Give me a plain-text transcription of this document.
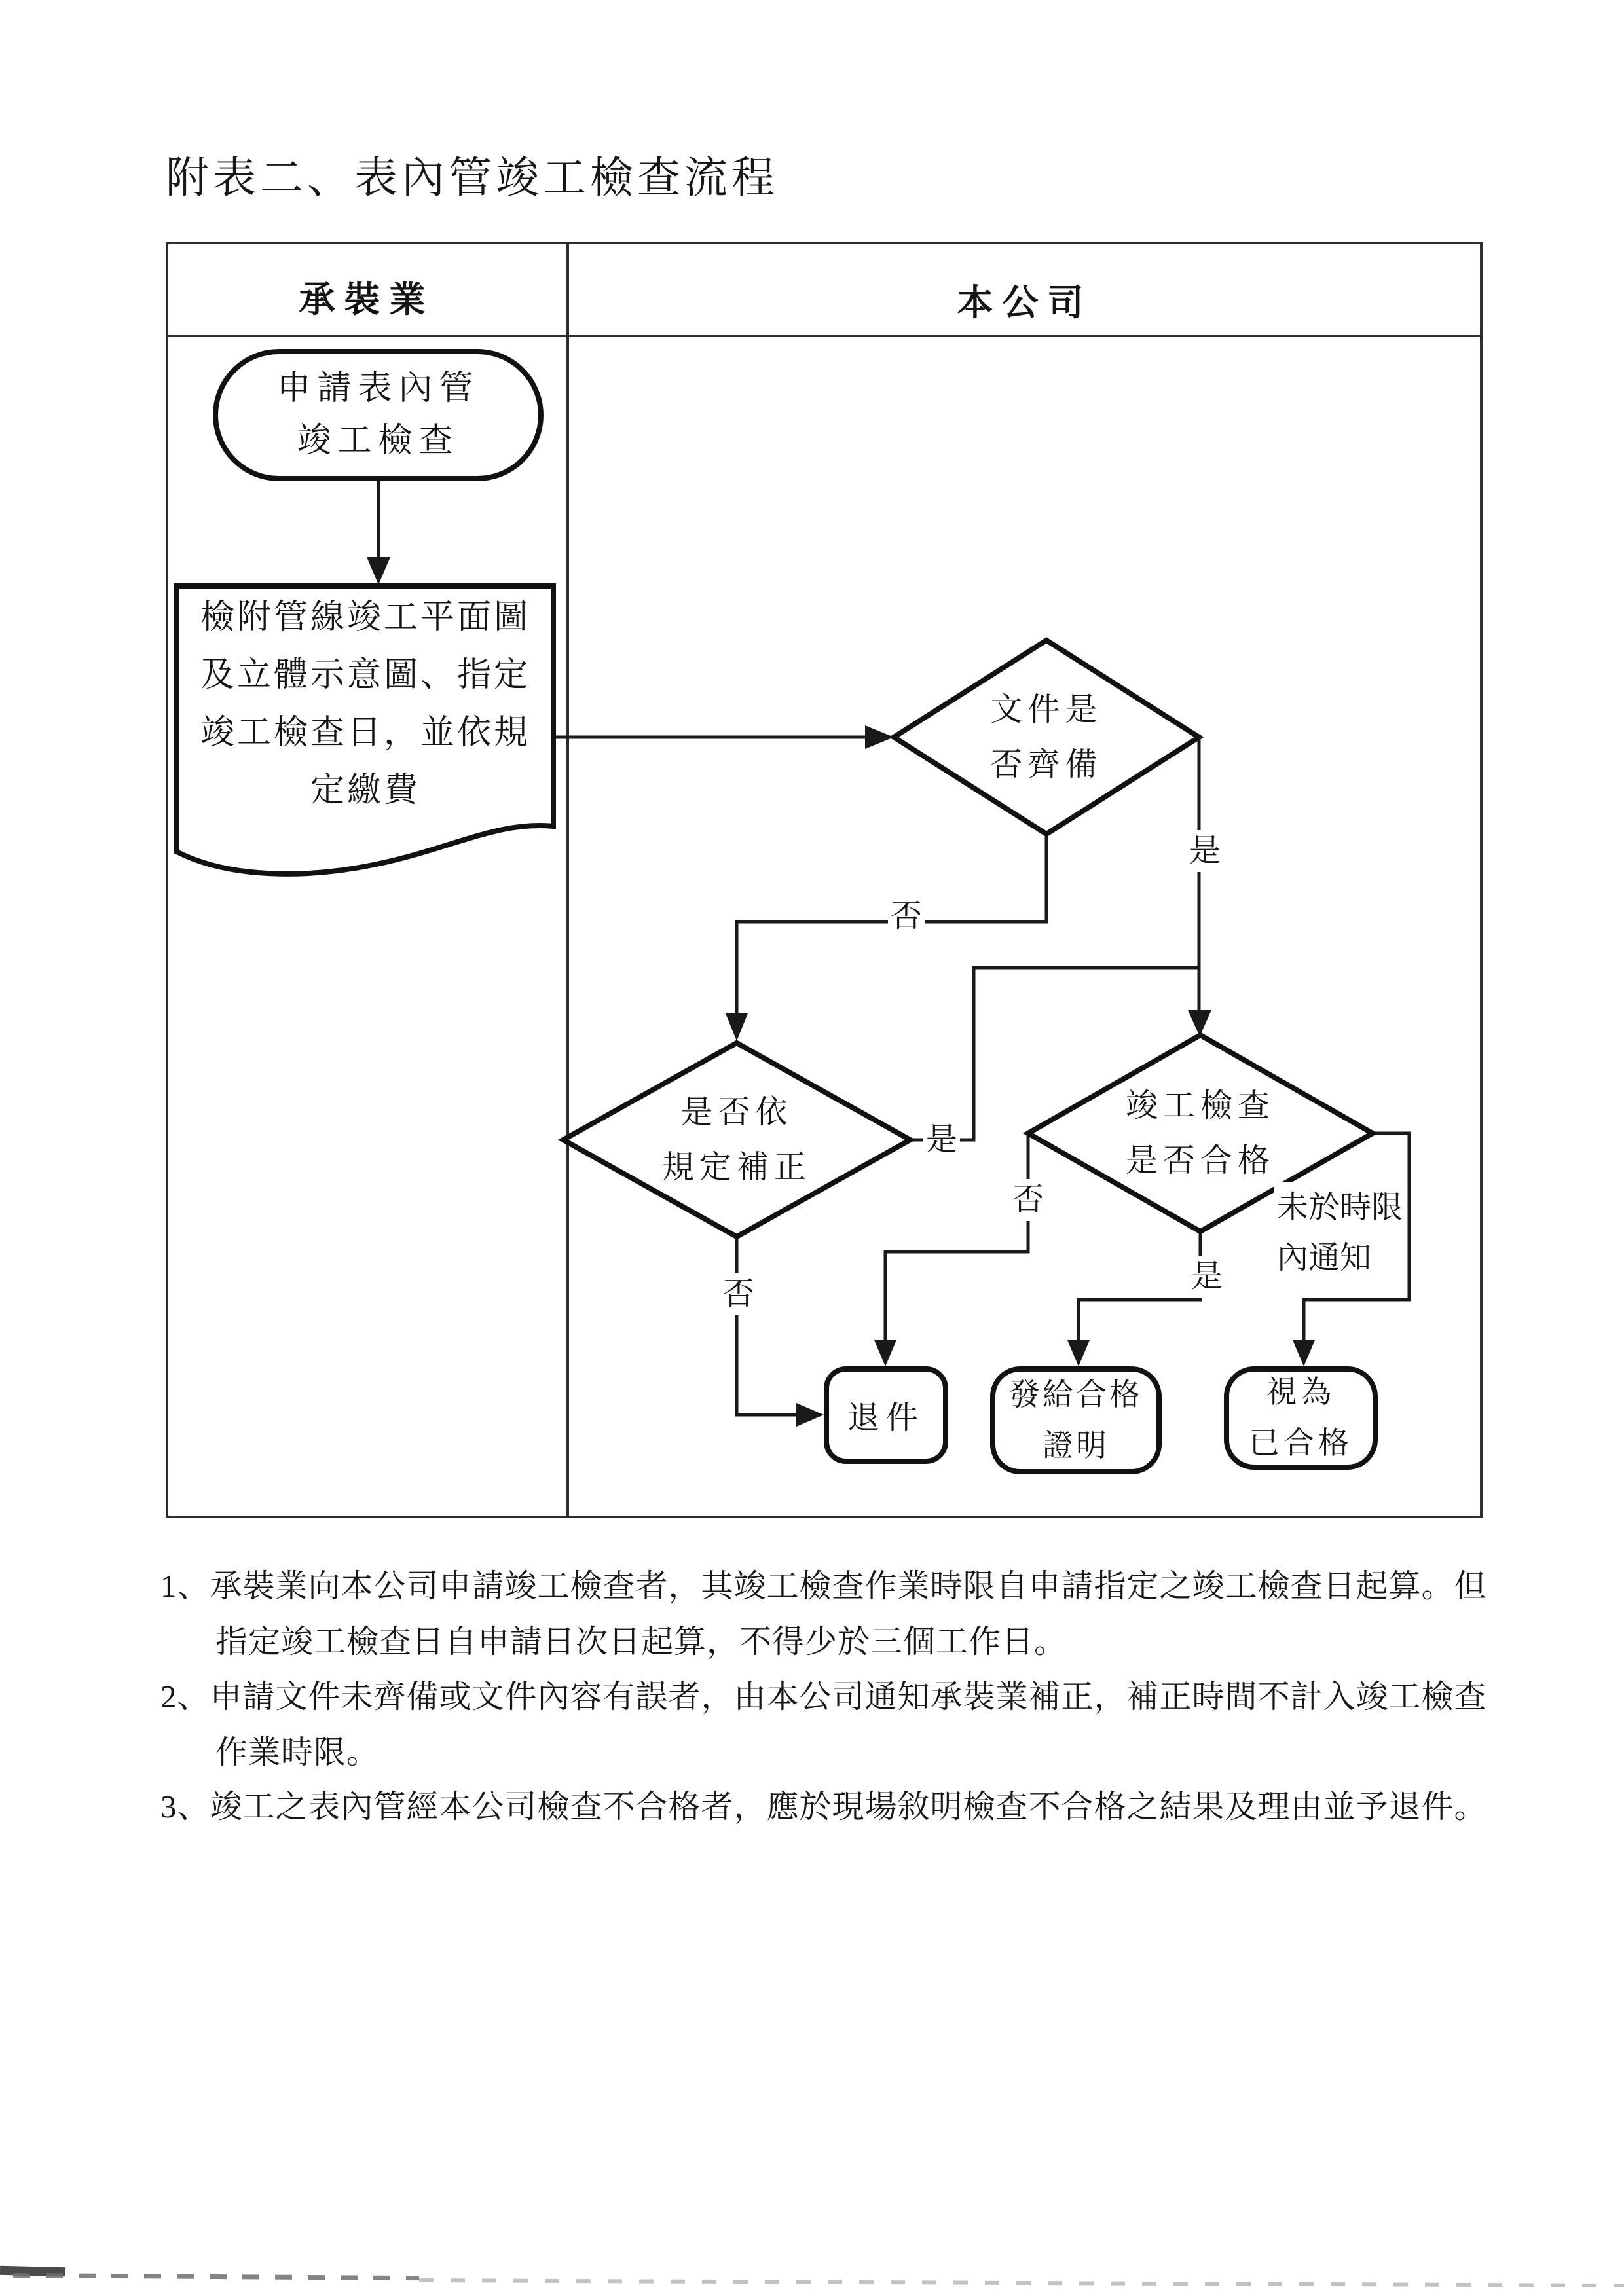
附表二、表內管竣工檢查流程
承裝業	本公司
申請表內管
竣工檢查
檢附管線竣工平面圖
及立體示意圖、指定
竣工檢查日，並依規
定繳費
文件是
否齊備
是否依
規定補正
竣工檢查
是否合格
退件
發給合格
證明
視為
已合格
是
否
是
否
否
是
未於時限
內通知
1、承裝業向本公司申請竣工檢查者，其竣工檢查作業時限自申請指定之竣工檢查日起算。但
指定竣工檢查日自申請日次日起算，不得少於三個工作日。
2、申請文件未齊備或文件內容有誤者，由本公司通知承裝業補正，補正時間不計入竣工檢查
作業時限。
3、竣工之表內管經本公司檢查不合格者，應於現場敘明檢查不合格之結果及理由並予退件。
